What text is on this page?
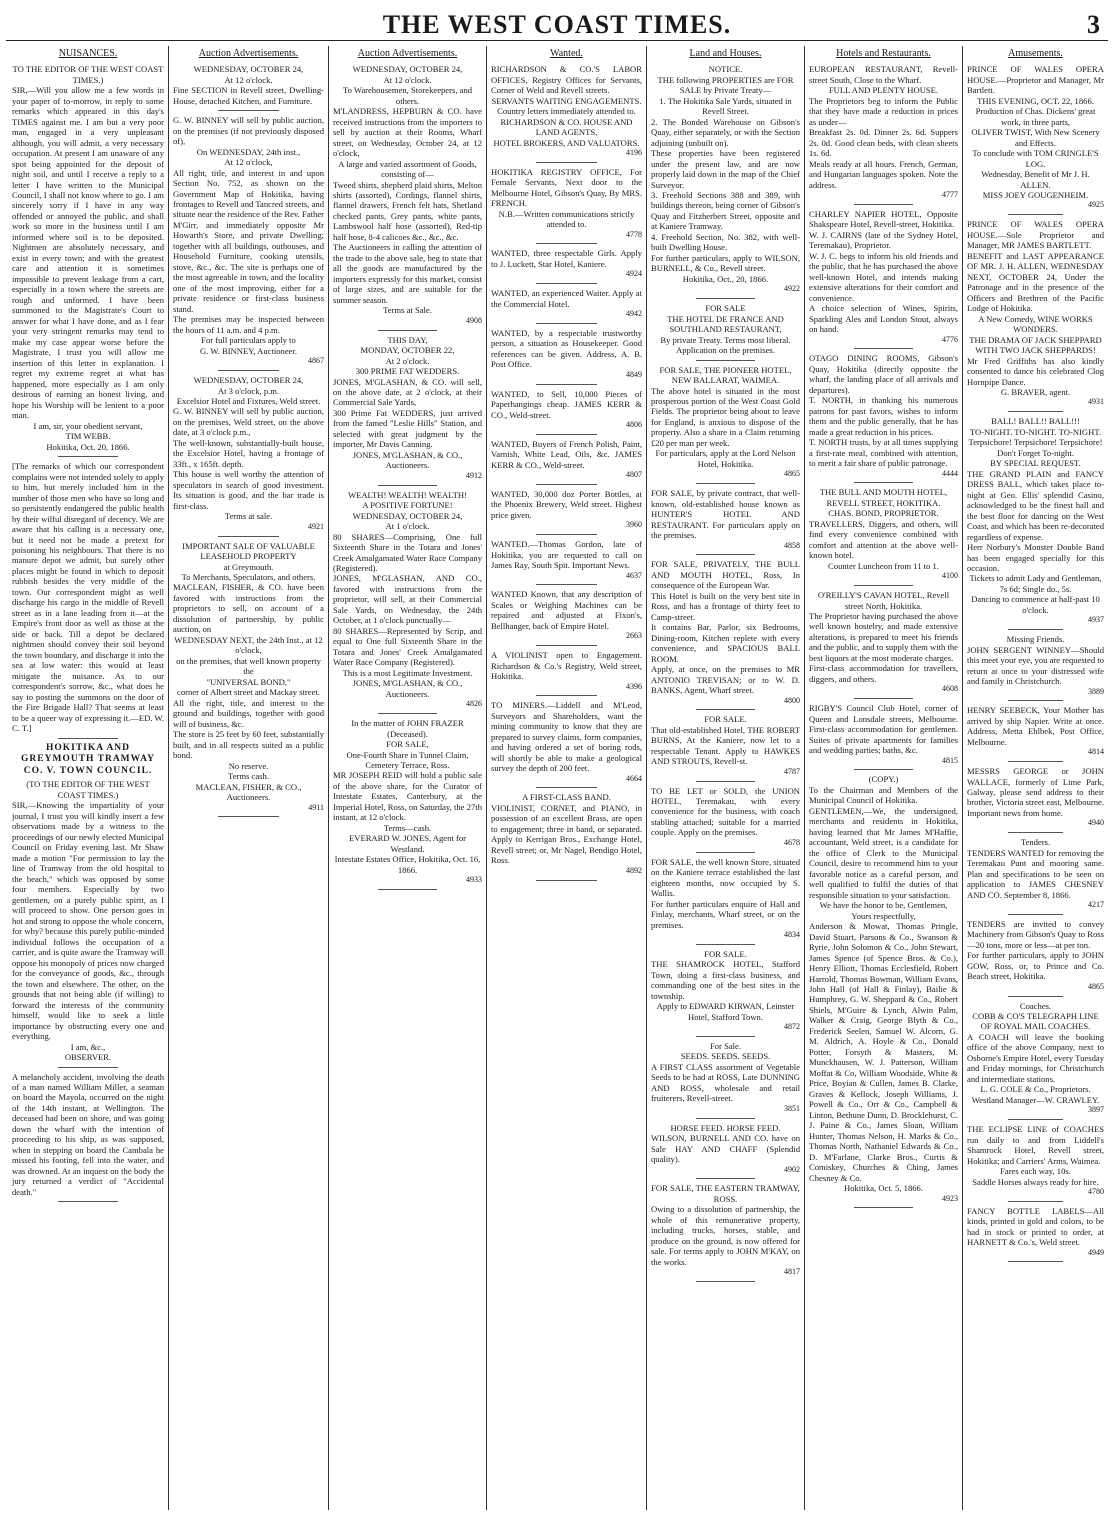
THE WEST COAST TIMES.	3
NUISANCES.

TO THE EDITOR OF THE WEST COAST TIMES.)

SIR,—Will you allow me a few words in your paper of to-morrow, in reply to some remarks which appeared in this day's TIMES against me. I am but a very poor man, engaged in a very unpleasant although, you will admit, a very necessary occupation. At present I am unaware of any spot being appointed for the deposit of night soil, and until I receive a reply to a letter I have written to the Municipal Council, I shall not know where to go. I am sincerely sorry if I have in any way offended or annoyed the public, and shall work so more in the business until I am informed where soil is to be deposited. Nightmen are absolutely necessary, and exist in every town; and with the greatest care and attention it is sometimes impossible to prevent leakage from a cart, especially in a town where the streets are rough and unformed. I have been summoned to the Magistrate's Court to answer for what I have done, and as I fear your very stringent remarks may tend to make my case appear worse before the Magistrate, I trust you will allow me insertion of this letter in explanation. I regret my extreme regret at what has happened, more especially as I am only desirous of earning an honest living, and hope his Worship will be lenient to a poor man.

I am, sir, your obedient servant,

TIM WEBB.

Hokitika, Oct. 20, 1866.

[The remarks of which our correspondent complains were not intended solely to apply to him, but merely included him in the number of those men who have so long and so persistently endangered the public health by their wilful disregard of decency. We are aware that his calling is a necessary one, but it need not be made a pretext for poisoning his neighbours. That there is no manure depot we admit, but surely other places might be found in which to deposit rubbish besides the very middle of the town. Our correspondent might as well discharge his cargo in the middle of Revell street as in a lane leading from it—at the Empire's front door as well as those at the side or back. Till a depot be declared nightmen should convey their soil beyond the town boundary, and discharge it into the sea at low water: this would at least mitigate the nuisance. As to our correspondent's sorrow, &c., what does he say to posting the summons on the door of the Fire Brigade Hall? That seems at least to be a queer way of expressing it.—ED. W. C. T.]

HOKITIKA AND GREYMOUTH TRAMWAY CO. V. TOWN COUNCIL.

(TO THE EDITOR OF THE WEST COAST TIMES.)

SIR,—Knowing the impartiality of your journal, I trust you will kindly insert a few observations made by a witness to the proceedings of our newly elected Municipal Council on Friday evening last. Mr Shaw made a motion "For permission to lay the line of Tramway from the old hospital to the beach," which was opposed by some four members. Especially by two gentlemen, on a purely public spirit, as I will proceed to show. One person goes in hot and strong to oppose the whole concern, for why? because this purely public-minded individual follows the occupation of a carrier, and is quite aware the Tramway will oppose his monopoly of prices now charged for the conveyance of goods, &c., through the town and elsewhere. The other, on the grounds that not being able (if willing) to forward the interests of the community himself, would like to seek a little importance by obstructing every one and everything.

I am, &c.,

OBSERVER.

A melancholy accident, involving the death of a man named William Miller, a seaman on board the Mayola, occurred on the night of the 14th instant, at Wellington. The deceased had been on shore, and was going down the wharf with the intention of proceeding to his ship, as was supposed, when in stepping on board the Cambala he missed his footing, fell into the water, and was drowned. At an inquest on the body the jury returned a verdict of "Accidental death."

Auction Advertisements.

WEDNESDAY, OCTOBER 24,

At 12 o'clock.

Fine SECTION in Revell street, Dwelling-House, detached Kitchen, and Furniture.

G. W. BINNEY will sell by public auction, on the premises (if not previously disposed of),

On WEDNESDAY, 24th inst.,

At 12 o'clock,

All right, title, and interest in and upon Section No. 752, as shown on the Government Map of Hokitika, having frontages to Revell and Tancred streets, and situate near the residence of the Rev. Father M'Girr, and immediately opposite Mr Howarth's Store, and private Dwelling; together with all buildings, outhouses, and Household Furniture, cooking utensils, stove, &c., &c. The site is perhaps one of the most agreeable in town, and the locality one of the most improving, either for a private residence or first-class business stand.

The premises may be inspected between the hours of 11 a.m. and 4 p.m.

For full particulars apply to

G. W. BINNEY, Auctioneer.

4867

WEDNESDAY, OCTOBER 24,

At 3 o'clock, p.m.

Excelsior Hotel and Fixtures, Weld street.

G. W. BINNEY will sell by public auction, on the premises, Weld street, on the above date, at 3 o'clock p.m.,

The well-known, substantially-built house, the Excelsior Hotel, having a frontage of 33ft., x 165ft. depth.

This house is well worthy the attention of speculators in search of good investment. Its situation is good, and the bar trade is first-class.

Terms at sale.

4921

IMPORTANT SALE OF VALUABLE LEASEHOLD PROPERTY

at Greymouth.

To Merchants, Speculators, and others.

MACLEAN, FISHER, & CO. have been favored with instructions from the proprietors to sell, on account of a dissolution of partnership, by public auction, on

WEDNESDAY NEXT, the 24th Inst., at 12 o'clock,

on the premises, that well known property the

"UNIVERSAL BOND,"

corner of Albert street and Mackay street.

All the right, title, and interest to the ground and buildings, together with good will of business, &c.

The store is 25 feet by 60 feet, substantially built, and in all respects suited as a public bond.

No reserve.

Terms cash.

MACLEAN, FISHER, & CO., Auctioneers.

4911
Auction Advertisements.

WEDNESDAY, OCTOBER 24,

At 12 o'clock.

To Warehousemen, Storekeepers, and others.

M'LANDRESS, HEPBURN & CO. have received instructions from the importers to sell by auction at their Rooms, Wharf street, on Wednesday, October 24, at 12 o'clock,

A large and varied assortment of Goods, consisting of—

Tweed shirts, shepherd plaid shirts, Melton shirts (assorted), Cordings, flannel shirts, flannel drawers, French felt hats, Shetland checked pants, Grey pants, white pants, Lambswool half hose (assorted), Red-tip half hose, 8-4 calicoes &c., &c., &c.

The Auctioneers in calling the attention of the trade to the above sale, beg to state that all the goods are manufactured by the importers expressly for this market, consist of large sizes, and are suitable for the summer season.

Terms at Sale.

4908

THIS DAY,

MONDAY, OCTOBER 22,

At 2 o'clock.

300 PRIME FAT WEDDERS.

JONES, M'GLASHAN, & CO. will sell, on the above date, at 2 o'clock, at their Commercial Sale Yards,

300 Prime Fat WEDDERS, just arrived from the famed "Leslie Hills" Station, and selected with great judgment by the importer, Mr Davis Canning.

JONES, M'GLASHAN, & CO., Auctioneers.

4912

WEALTH! WEALTH! WEALTH!

A POSITIVE FORTUNE!

WEDNESDAY, OCTOBER 24,

At 1 o'clock.

80 SHARES—Comprising, One full Sixteenth Share in the Totara and Jones' Creek Amalgamated Water Race Company (Registered).

JONES, M'GLASHAN, AND CO., favored with instructions from the proprietor, will sell, at their Commercial Sale Yards, on Wednesday, the 24th October, at 1 o'clock punctually—

80 SHARES—Represented by Scrip, and equal to One full Sixteenth Share in the Totara and Jones' Creek Amalgamated Water Race Company (Registered).

This is a most Legitimate Investment.

JONES, M'GLASHAN, & CO., Auctioneers.

4826

In the matter of JOHN FRAZER (Deceased).

FOR SALE,

One-Fourth Share in Tunnel Claim, Cemetery Terrace, Ross.

MR JOSEPH REID will hold a public sale of the above share, for the Curator of Intestate Estates, Canterbury, at the Imperial Hotel, Ross, on Saturday, the 27th instant, at 12 o'clock.

Terms—cash.

EVERARD W. JONES, Agent for Westland.

Intestate Estates Office, Hokitika, Oct. 16, 1866.

4933
Wanted.

RICHARDSON & CO.'S LABOR OFFICES, Registry Offices for Servants, Corner of Weld and Revell streets.

SERVANTS WAITING ENGAGEMENTS.

Country letters immediately attended to.

RICHARDSON & CO. HOUSE AND LAND AGENTS,

HOTEL BROKERS, AND VALUATORS.

4196

HOKITIKA REGISTRY OFFICE, For Female Servants, Next door to the Melbourne Hotel, Gibson's Quay, By MRS. FRENCH.

N.B.—Written communications strictly attended to.

4778

WANTED, three respectable Girls. Apply to J. Luckett, Star Hotel, Kaniere.

4924

WANTED, an experienced Waiter. Apply at the Commercial Hotel.

4942

WANTED, by a respectable trustworthy person, a situation as Housekeeper. Good references can be given. Address, A. B. Post Office.

4849

WANTED, to Sell, 10,000 Pieces of Paperhangings cheap. JAMES KERR & CO., Weld-street.

4806

WANTED, Buyers of French Polish, Paint, Varnish, White Lead, Oils, &c. JAMES KERR & CO., Weld-street.

4807

WANTED, 30,000 doz Porter Bottles, at the Phoenix Brewery, Weld street. Highest price given.

3960

WANTED.—Thomas Gordon, late of Hokitika, you are requested to call on James Ray, South Spit. Important News.

4637

WANTED Known, that any description of Scales or Weighing Machines can be repaired and adjusted at Fixon's, Bellhanger, back of Empire Hotel.

2663

A VIOLINIST open to Engagement. Richardson & Co.'s Registry, Weld street, Hokitika.

4396

TO MINERS.—Liddell and M'Leod, Surveyors and Shareholders, want the mining community to know that they are prepared to survey claims, form companies, and having ordered a set of boring rods, will shortly be able to make a geological survey the depth of 200 feet.

4664

A FIRST-CLASS BAND.

VIOLINIST, CORNET, and PIANO, in possession of an excellent Brass, are open to engagement; three in band, or separated. Apply to Kerrigan Bros., Exchange Hotel, Revell street; or, Mr Nagel, Bendigo Hotel, Ross.

4892
Land and Houses.

NOTICE.

THE following PROPERTIES are FOR SALE by Private Treaty—

1. The Hokitika Sale Yards, situated in Revell Street.

2. The Bonded Warehouse on Gibson's Quay, either separately, or with the Section adjoining (unbuilt on).

These properties have been registered under the present law, and are now properly laid down in the map of the Chief Surveyor.

3. Freehold Sections 388 and 389, with buildings thereon, being corner of Gibson's Quay and Fitzherbert Street, opposite and at Kaniere Tramway.

4. Freehold Section, No. 382, with well-built Dwelling House.

For further particulars, apply to WILSON, BURNELL, & Co., Revell street.

Hokitika, Oct., 20, 1866.

4922

FOR SALE

THE HOTEL DE FRANCE AND SOUTHLAND RESTAURANT,

By private Treaty. Terms most liberal.

Application on the premises.

FOR SALE, THE PIONEER HOTEL, NEW BALLARAT, WAIMEA.

The above hotel is situated in the most prosperous portion of the West Coast Gold Fields. The proprietor being about to leave for England, is anxious to dispose of the property. Also a share in a Claim returning £20 per man per week.

For particulars, apply at the Lord Nelson Hotel, Hokitika.

4865

FOR SALE, by private contract, that well-known, old-established house known as HUNTER'S HOTEL AND RESTAURANT. For particulars apply on the premises.

4858

FOR SALE, PRIVATELY, THE BULL AND MOUTH HOTEL, Ross, In consequence of the European War.

This Hotel is built on the very best site in Ross, and has a frontage of thirty feet to Camp-street.

It contains Bar, Parlor, six Bedrooms, Dining-room, Kitchen replete with every convenience, and SPACIOUS BALL ROOM.

Apply, at once, on the premises to MR ANTONIO TREVISAN; or to W. D. BANKS, Agent, Wharf street.

4800

FOR SALE.

That old-established Hotel, THE ROBERT BURNS, At the Kaniere, now let to a respectable Tenant. Apply to HAWKES AND STROUTS, Revell-st.

4787

TO BE LET or SOLD, the UNION HOTEL, Teremakau, with every convenience for the business, with coach stabling attached; suitable for a married couple. Apply on the premises.

4678

FOR SALE, the well known Store, situated on the Kaniere terrace established the last eighteen months, now occupied by S. Wallis.

For further particulars enquire of Hall and Finlay, merchants, Wharf street, or on the premises.

4834

FOR SALE.

THE SHAMROCK HOTEL, Stafford Town, doing a first-class business, and commanding one of the best sites in the township.

Apply to EDWARD KIRWAN, Leinster Hotel, Stafford Town.

4872

For Sale.

SEEDS. SEEDS. SEEDS.

A FIRST CLASS assortment of Vegetable Seeds to be had at ROSS, Late DUNNING AND ROSS, wholesale and retail fruiterers, Revell-street.

3851

HORSE FEED. HORSE FEED.

WILSON, BURNELL AND CO. have on Sale HAY AND CHAFF (Splendid quality).

4902

FOR SALE, THE EASTERN TRAMWAY, ROSS.

Owing to a dissolution of partnership, the whole of this remunerative property, including trucks, horses, stable, and produce on the ground, is now offered for sale. For terms apply to JOHN M'KAY, on the works.

4817
Hotels and Restaurants.

EUROPEAN RESTAURANT, Revell-street South, Close to the Wharf.

FULL AND PLENTY HOUSE.

The Proprietors beg to inform the Public that they have made a reduction in prices as under—

Breakfast 2s. 0d. Dinner 2s. 6d. Suppers 2s. 0d. Good clean beds, with clean sheets 1s. 6d.

Meals ready at all hours. French, German, and Hungarian languages spoken. Note the address.

4777

CHARLEY NAPIER HOTEL, Opposite Shakspeare Hotel, Revell-street, Hokitika.

W. J. CAIRNS (late of the Sydney Hotel, Teremakau), Proprietor.

W. J. C. begs to inform his old friends and the public, that he has purchased the above well-known Hotel, and intends making extensive alterations for their comfort and convenience.

A choice selection of Wines, Spirits, Sparkling Ales and London Stout, always on hand.

4776

OTAGO DINING ROOMS, Gibson's Quay, Hokitika (directly opposite the wharf, the landing place of all arrivals and departures).

T. NORTH, in thanking his numerous patrons for past favors, wishes to inform them and the public generally, that he has made a great reduction in his prices.

T. NORTH trusts, by at all times supplying a first-rate meal, combined with attention, to merit a fair share of public patronage.

4444

THE BULL AND MOUTH HOTEL, REVELL STREET, HOKITIKA.

CHAS. BOND, PROPRIETOR.

TRAVELLERS, Diggers, and others, will find every convenience combined with comfort and attention at the above well-known hotel.

Counter Luncheon from 11 to 1.

4100

O'REILLY'S CAVAN HOTEL, Revell street North, Hokitika.

The Proprietor having purchased the above well known hostelry, and made extensive alterations, is prepared to meet his friends and the public, and to supply them with the best liquors at the most moderate charges.

First-class accommodation for travellers, diggers, and others.

4608

RIGBY'S Council Club Hotel, corner of Queen and Lonsdale streets, Melbourne. First-class accommodation for gentlemen. Suites of private apartments for families and wedding parties; baths, &c.

4815

(COPY.)

To the Chairman and Members of the Municipal Council of Hokitika.

GENTLEMEN,—We, the undersigned, merchants and residents in Hokitika, having learned that Mr James M'Haffie, accountant, Weld street, is a candidate for the office of Clerk to the Municipal Council, desire to recommend him to your favorable notice as a careful person, and well qualified to fulfil the duties of that responsible situation to your satisfaction.

We have the honor to be, Gentlemen, Yours respectfully,

Anderson & Mowat, Thomas Pringle, David Stuart, Parsons & Co., Swanson & Ryrie, John Solomon & Co., John Stewart, James Spence (of Spence Bros. & Co.), Henry Elliott, Thomas Ecclesfield, Robert Harrold, Thomas Bowman, William Evans, John Hall (of Hall & Finlay), Bailie & Humphrey, G. W. Sheppard & Co., Robert Shiels, M'Guire & Lynch, Alwin Palm, Walker & Craig, George Blyth & Co., Frederick Seelen, Samuel W. Alcorn, G. M. Aldrich, A. Hoyle & Co., Donald Potter, Forsyth & Masters, M. Munckhausen, W. J. Patterson, William Moffat & Co, William Woodside, White & Price, Boyian & Cullen, James B. Clarke, Graves & Kellock, Joseph Williams, J. Powell & Co., Orr & Co., Campbell & Linton, Bethune Dunn, D. Brocklehurst, C. J. Paine & Co., James Sloan, William Hunter, Thomas Nelson, H. Marks & Co., Thomas North, Nathaniel Edwards & Co., D. M'Farlane, Clarke Bros., Curtis & Comiskey, Churches & Ching, James Chesney & Co.

Hokitika, Oct. 5, 1866.

4923
Amusements.

PRINCE OF WALES OPERA HOUSE.—Proprietor and Manager, Mr Bartlett.

THIS EVENING, OCT. 22, 1866.

Production of Chas. Dickens' great work, in three parts,

OLIVER TWIST, With New Scenery and Effects.

To conclude with TOM CRINGLE'S LOG.

Wednesday, Benefit of Mr J. H. ALLEN.

MISS JOEY GOUGENHEIM.

4925

PRINCE OF WALES OPERA HOUSE.—Sole Proprietor and Manager, MR JAMES BARTLETT.

BENEFIT and LAST APPEARANCE OF MR. J. H. ALLEN, WEDNESDAY NEXT, OCTOBER 24, Under the Patronage and in the presence of the Officers and Brethren of the Pacific Lodge of Hokitika.

A New Comedy, WINE WORKS WONDERS.

THE DRAMA OF JACK SHEPPARD WITH TWO JACK SHEPPARDS!

Mr Fred Griffiths has also kindly consented to dance his celebrated Clog Hornpipe Dance.

G. BRAVER, agent.

4931

BALL! BALL!! BALL!!!

TO-NIGHT. TO-NIGHT. TO-NIGHT.

Terpsichore! Terpsichore! Terpsichore!

Don't Forget To-night.

BY SPECIAL REQUEST.

THE GRAND PLAIN and FANCY DRESS BALL, which takes place to-night at Geo. Ellis' splendid Casino, acknowledged to be the finest hall and the best floor for dancing on the West Coast, and which has been re-decorated regardless of expense.

Herr Norbury's Monster Double Band has been engaged specially for this occasion.

Tickets to admit Lady and Gentleman, 7s 6d; Single do., 5s.

Dancing to commence at half-past 10 o'clock.

4937

Missing Friends.

JOHN SERGENT WINNEY—Should this meet your eye, you are requested to return at once to your distressed wife and family in Christchurch.

3889

HENRY SEEBECK, Your Mother has arrived by ship Napier. Write at once. Address, Metta Ehlbek, Post Office, Melbourne.

4814

MESSRS GEORGE or JOHN WALLACE, formerly of Lime Park, Galway, please send address to their brother, Victoria street east, Melbourne. Important news from home.

4940

Tenders.

TENDERS WANTED for removing the Teremakau Punt and mooring same. Plan and specifications to be seen on application to JAMES CHESNEY AND CO. September 8, 1866.

4217

TENDERS are invited to convey Machinery from Gibson's Quay to Ross —20 tons, more or less—at per ton.

For further particulars, apply to JOHN GOW, Ross, or, to Prince and Co. Beach street, Hokitika.

4865

Coaches.

COBB & CO'S TELEGRAPH LINE OF ROYAL MAIL COACHES.

A COACH will leave the booking office of the above Company, next to Osborne's Empire Hotel, every Tuesday and Friday mornings, for Christchurch and intermediate stations.

L. G. COLE & Co., Proprietors. Westland Manager—W. CRAWLEY.

3897

THE ECLIPSE LINE of COACHES run daily to and from Liddell's Shamrock Hotel, Revell street, Hokitika; and Carriers' Arms, Waimea.

Fares each way, 10s.

Saddle Horses always ready for hire.

4780

FANCY BOTTLE LABELS—All kinds, printed in gold and colors, to be had in stock or printed to order, at HARNETT & Co.'s, Weld street.

4949
